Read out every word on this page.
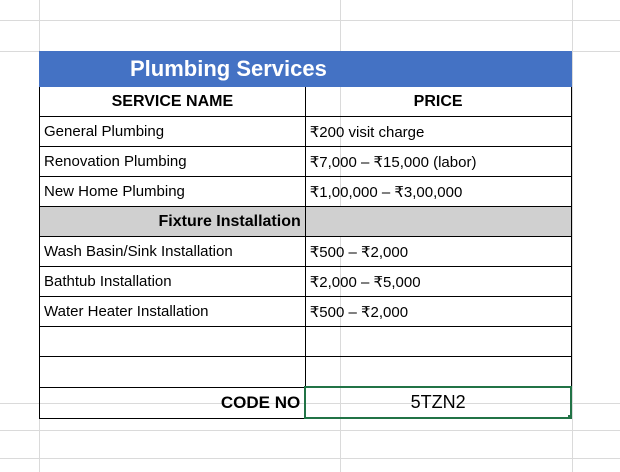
Plumbing Services	
SERVICE NAME	PRICE
General Plumbing	₹200 visit charge
Renovation Plumbing	₹7,000 – ₹15,000 (labor)
New Home Plumbing	₹1,00,000 – ₹3,00,000
Fixture Installation	
Wash Basin/Sink Installation	₹500 – ₹2,000
Bathtub Installation	₹2,000 – ₹5,000
Water Heater Installation	₹500 – ₹2,000

CODE NO	5TZN2
